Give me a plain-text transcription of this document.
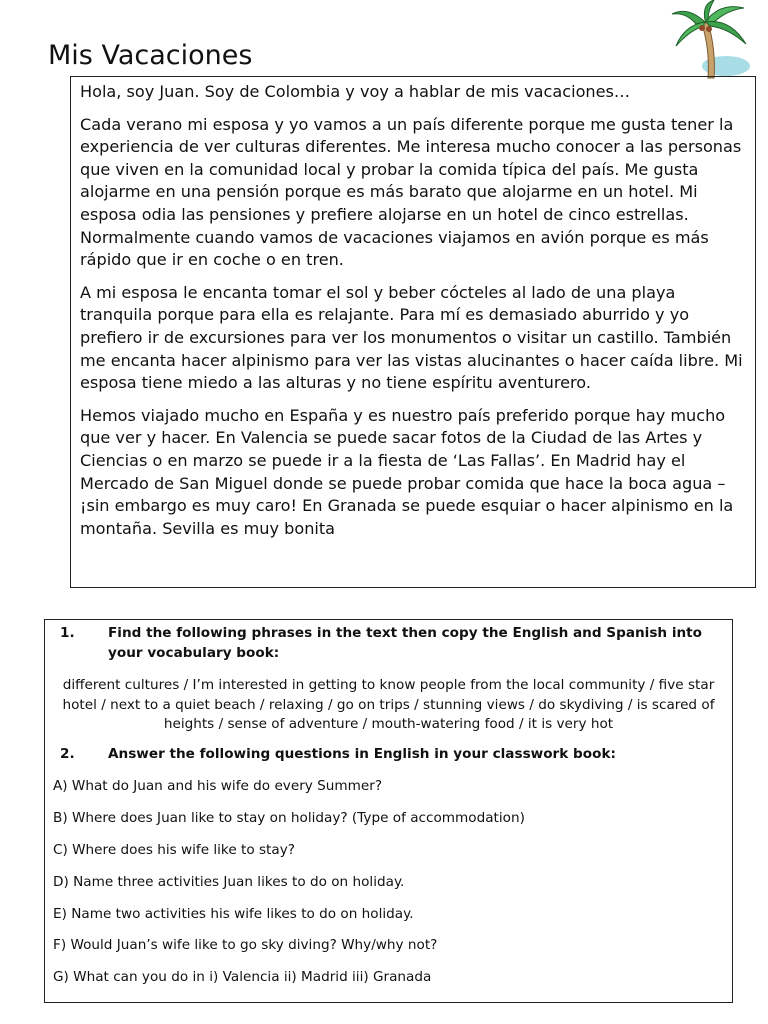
Mis Vacaciones

Hola, soy Juan. Soy de Colombia y voy a hablar de mis vacaciones…

Cada verano mi esposa y yo vamos a un país diferente porque me gusta tener la experiencia de ver culturas diferentes. Me interesa mucho conocer a las personas que viven en la comunidad local y probar la comida típica del país. Me gusta alojarme en una pensión porque es más barato que alojarme en un hotel. Mi esposa odia las pensiones y prefiere alojarse en un hotel de cinco estrellas. Normalmente cuando vamos de vacaciones viajamos en avión porque es más rápido que ir en coche o en tren.

A mi esposa le encanta tomar el sol y beber cócteles al lado de una playa tranquila porque para ella es relajante. Para mí es demasiado aburrido y yo prefiero ir de excursiones para ver los monumentos o visitar un castillo. También me encanta hacer alpinismo para ver las vistas alucinantes o hacer caída libre. Mi esposa tiene miedo a las alturas y no tiene espíritu aventurero.

Hemos viajado mucho en España y es nuestro país preferido porque hay mucho que ver y hacer. En Valencia se puede sacar fotos de la Ciudad de las Artes y Ciencias o en marzo se puede ir a la fiesta de ‘Las Fallas’. En Madrid hay el Mercado de San Miguel donde se puede probar comida que hace la boca agua – ¡sin embargo es muy caro! En Granada se puede esquiar o hacer alpinismo en la montaña. Sevilla es muy bonita

1. Find the following phrases in the text then copy the English and Spanish into your vocabulary book:
different cultures / I’m interested in getting to know people from the local community / five star hotel / next to a quiet beach / relaxing / go on trips / stunning views / do skydiving / is scared of heights / sense of adventure / mouth-watering food / it is very hot
2. Answer the following questions in English in your classwork book:
A) What do Juan and his wife do every Summer?
B) Where does Juan like to stay on holiday? (Type of accommodation)
C) Where does his wife like to stay?
D) Name three activities Juan likes to do on holiday.
E) Name two activities his wife likes to do on holiday.
F) Would Juan’s wife like to go sky diving? Why/why not?
G) What can you do in i) Valencia ii) Madrid iii) Granada
